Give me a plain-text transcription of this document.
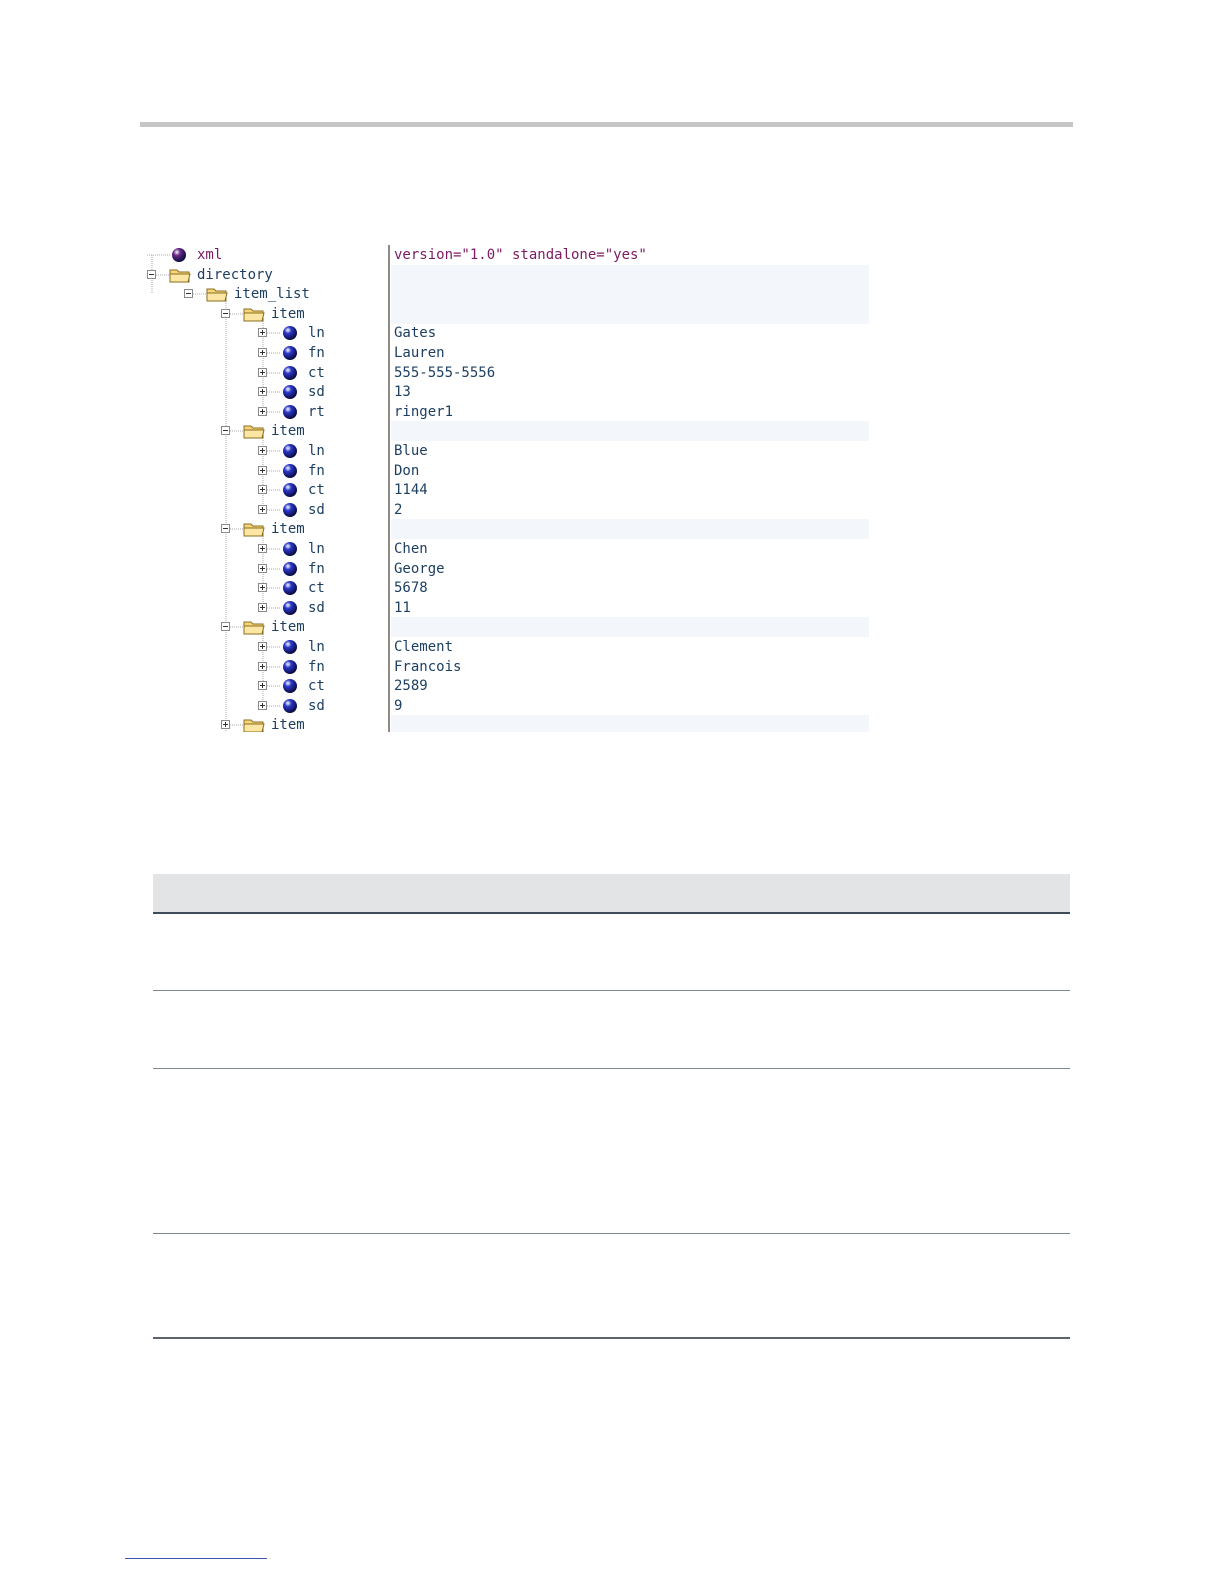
xml	version="1.0" standalone="yes"
directory
item_list
item
ln	Gates
fn	Lauren
ct	555-555-5556
sd	13
rt	ringer1
item
ln	Blue
fn	Don
ct	1144
sd	2
item
ln	Chen
fn	George
ct	5678
sd	11
item
ln	Clement
fn	Francois
ct	2589
sd	9
item
